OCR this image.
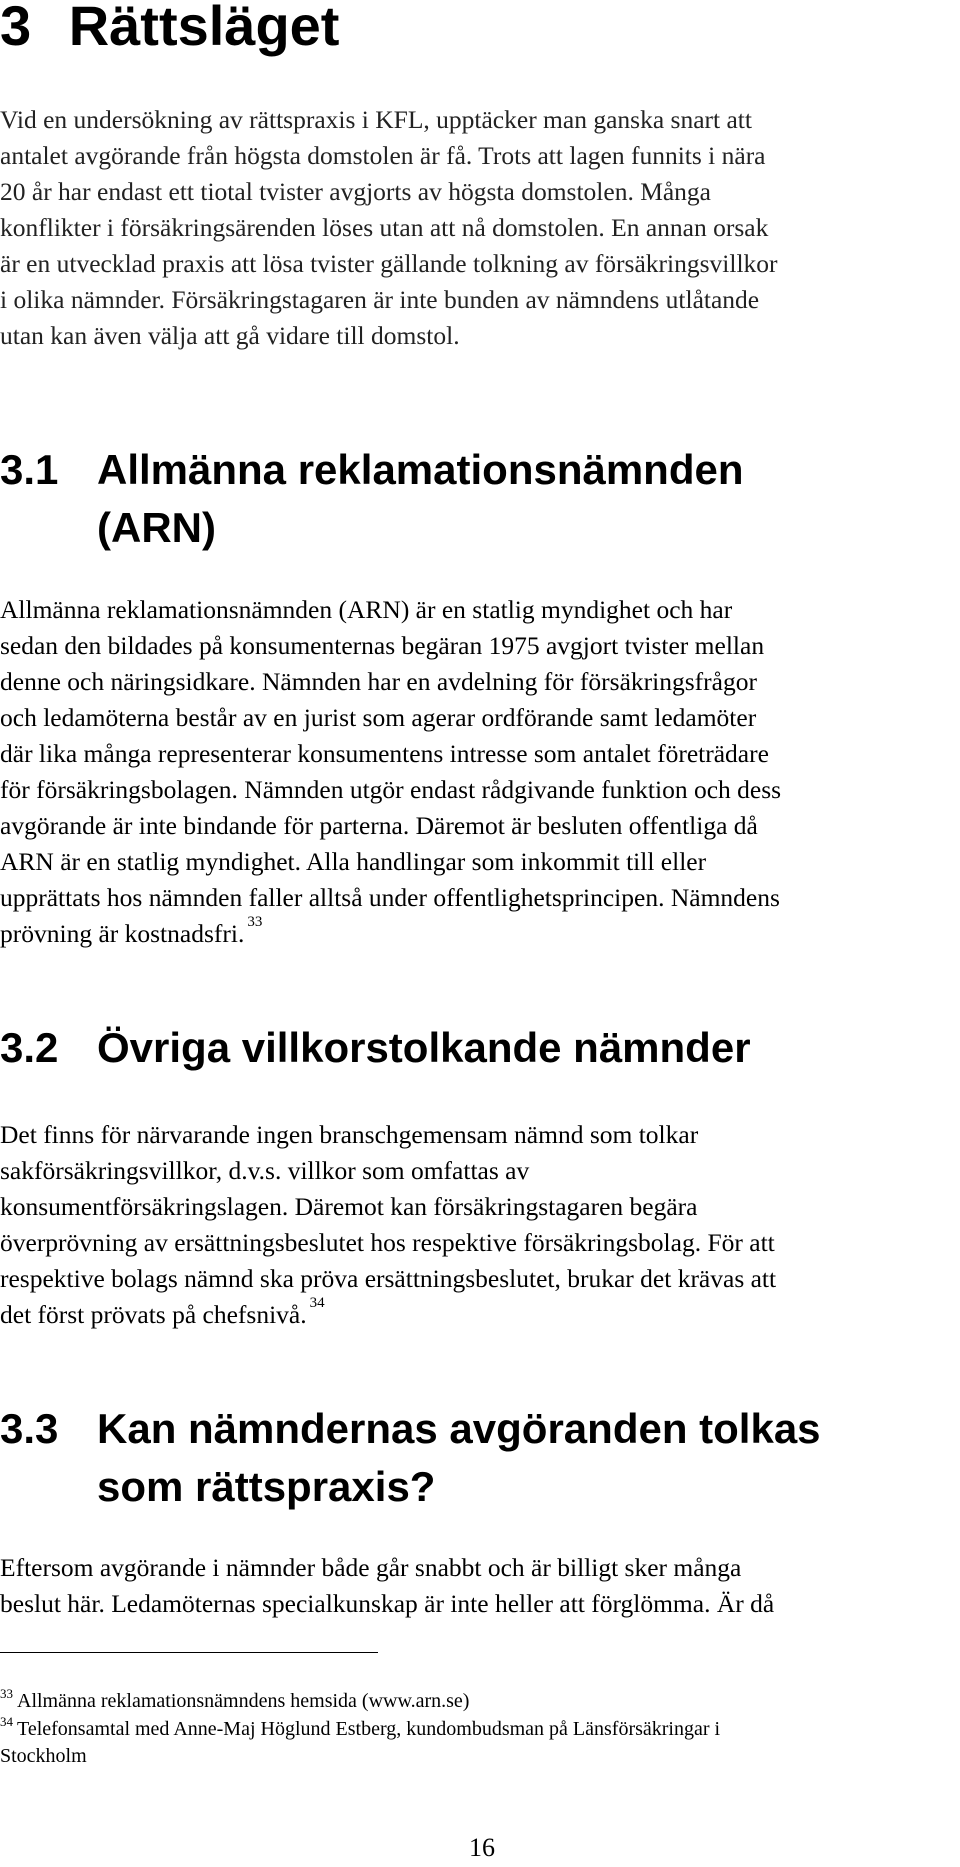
3 Rättsläget

Vid en undersökning av rättspraxis i KFL, upptäcker man ganska snart att
antalet avgörande från högsta domstolen är få. Trots att lagen funnits i nära
20 år har endast ett tiotal tvister avgjorts av högsta domstolen. Många
konflikter i försäkringsärenden löses utan att nå domstolen. En annan orsak
är en utvecklad praxis att lösa tvister gällande tolkning av försäkringsvillkor
i olika nämnder. Försäkringstagaren är inte bunden av nämndens utlåtande
utan kan även välja att gå vidare till domstol.

3.1 Allmänna reklamationsnämnden
(ARN)

Allmänna reklamationsnämnden (ARN) är en statlig myndighet och har
sedan den bildades på konsumenternas begäran 1975 avgjort tvister mellan
denne och näringsidkare. Nämnden har en avdelning för försäkringsfrågor
och ledamöterna består av en jurist som agerar ordförande samt ledamöter
där lika många representerar konsumentens intresse som antalet företrädare
för försäkringsbolagen. Nämnden utgör endast rådgivande funktion och dess
avgörande är inte bindande för parterna. Däremot är besluten offentliga då
ARN är en statlig myndighet. Alla handlingar som inkommit till eller
upprättats hos nämnden faller alltså under offentlighetsprincipen. Nämndens
prövning är kostnadsfri. $^{33}$

3.2 Övriga villkorstolkande nämnder

Det finns för närvarande ingen branschgemensam nämnd som tolkar
sakförsäkringsvillkor, d.v.s. villkor som omfattas av
konsumentförsäkringslagen. Däremot kan försäkringstagaren begära
överprövning av ersättningsbeslutet hos respektive försäkringsbolag. För att
respektive bolags nämnd ska pröva ersättningsbeslutet, brukar det krävas att
det först prövats på chefsnivå. $^{34}$

3.3 Kan nämndernas avgöranden tolkas
som rättspraxis?

Eftersom avgörande i nämnder både går snabbt och är billigt sker många
beslut här. Ledamöternas specialkunskap är inte heller att förglömma. Är då

$^{33}$ Allmänna reklamationsnämndens hemsida (www.arn.se)

$^{34}$ Telefonsamtal med Anne-Maj Höglund Estberg, kundombudsman på Länsförsäkringar i
Stockholm

16
